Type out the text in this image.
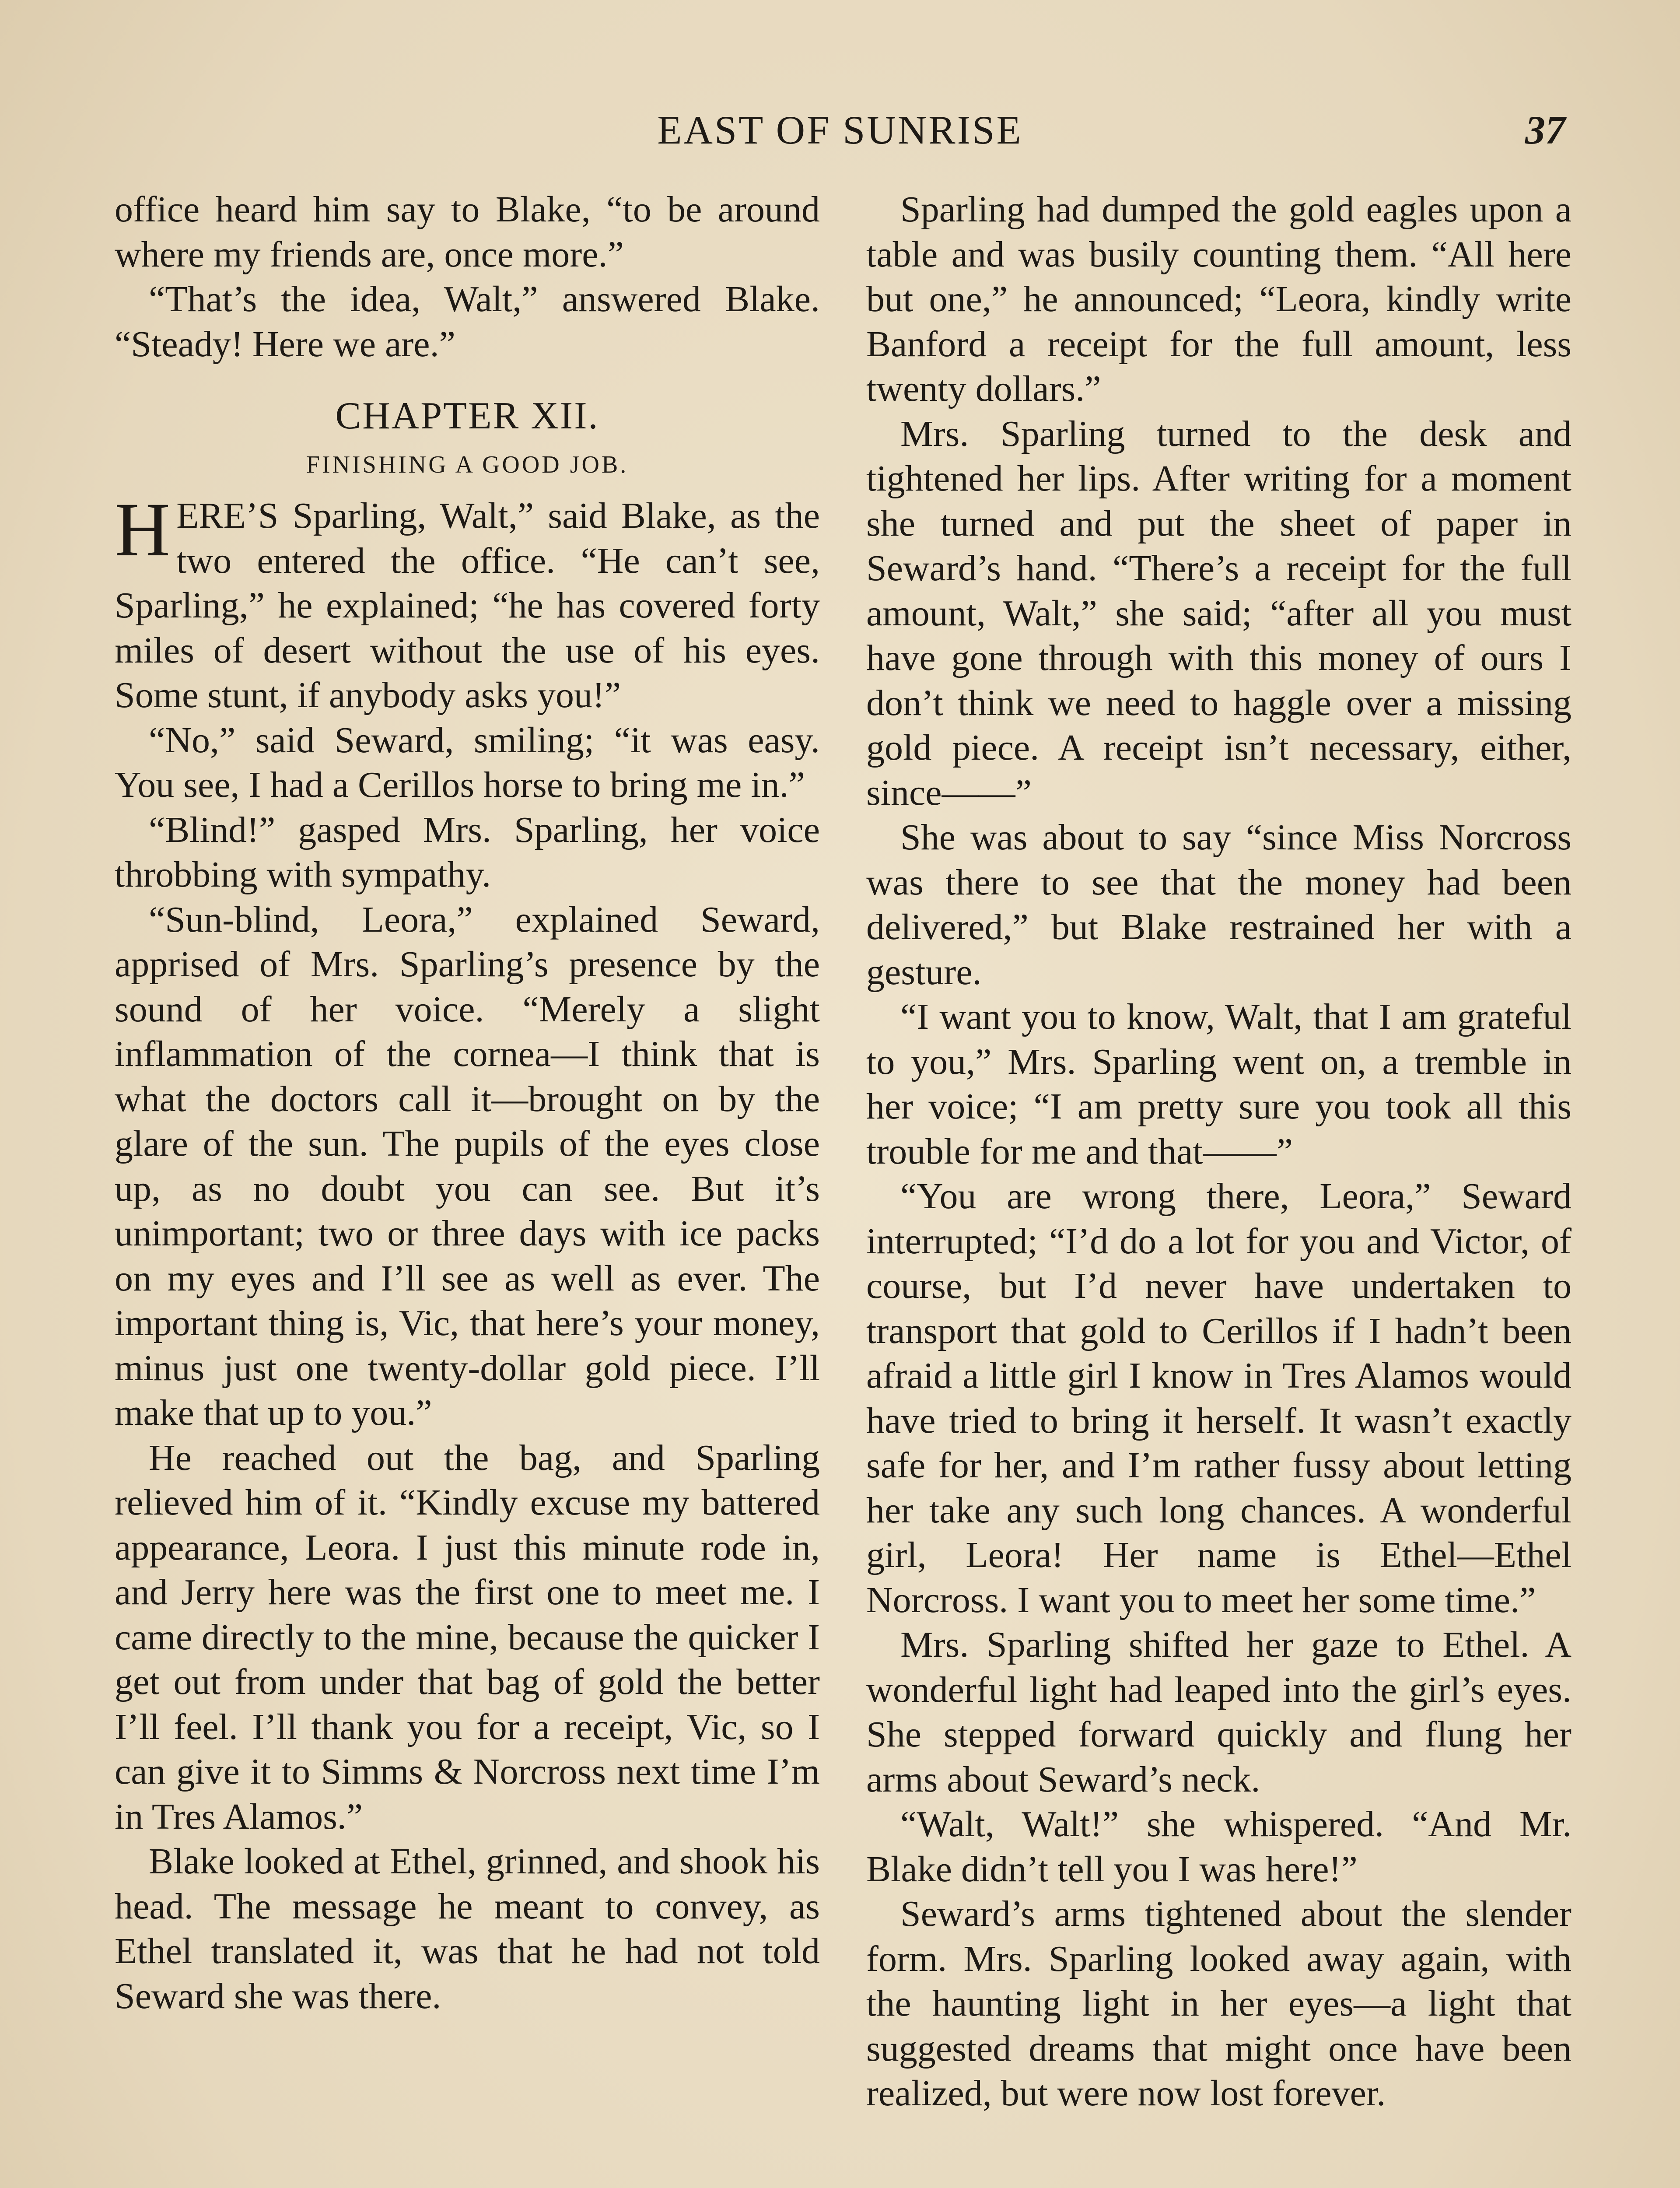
EAST OF SUNRISE	37

office heard him say to Blake, “to be around where my friends are, once more.”

“That’s the idea, Walt,” answered Blake. “Steady! Here we are.”

CHAPTER XII.
FINISHING A GOOD JOB.

HERE’S Sparling, Walt,” said Blake, as the two entered the office. “He can’t see, Sparling,” he explained; “he has covered forty miles of desert without the use of his eyes. Some stunt, if anybody asks you!”

“No,” said Seward, smiling; “it was easy. You see, I had a Cerillos horse to bring me in.”

“Blind!” gasped Mrs. Sparling, her voice throbbing with sympathy.

“Sun-blind, Leora,” explained Seward, apprised of Mrs. Sparling’s presence by the sound of her voice. “Merely a slight inflammation of the cornea—I think that is what the doctors call it—brought on by the glare of the sun. The pupils of the eyes close up, as no doubt you can see. But it’s unimportant; two or three days with ice packs on my eyes and I’ll see as well as ever. The important thing is, Vic, that here’s your money, minus just one twenty-dollar gold piece. I’ll make that up to you.”

He reached out the bag, and Sparling relieved him of it. “Kindly excuse my battered appearance, Leora. I just this minute rode in, and Jerry here was the first one to meet me. I came directly to the mine, because the quicker I get out from under that bag of gold the better I’ll feel. I’ll thank you for a receipt, Vic, so I can give it to Simms & Norcross next time I’m in Tres Alamos.”

Blake looked at Ethel, grinned, and shook his head. The message he meant to convey, as Ethel translated it, was that he had not told Seward she was there.

Sparling had dumped the gold eagles upon a table and was busily counting them. “All here but one,” he announced; “Leora, kindly write Banford a receipt for the full amount, less twenty dollars.”

Mrs. Sparling turned to the desk and tightened her lips. After writing for a moment she turned and put the sheet of paper in Seward’s hand. “There’s a receipt for the full amount, Walt,” she said; “after all you must have gone through with this money of ours I don’t think we need to haggle over a missing gold piece. A receipt isn’t necessary, either, since——”

She was about to say “since Miss Norcross was there to see that the money had been delivered,” but Blake restrained her with a gesture.

“I want you to know, Walt, that I am grateful to you,” Mrs. Sparling went on, a tremble in her voice; “I am pretty sure you took all this trouble for me and that——”

“You are wrong there, Leora,” Seward interrupted; “I’d do a lot for you and Victor, of course, but I’d never have undertaken to transport that gold to Cerillos if I hadn’t been afraid a little girl I know in Tres Alamos would have tried to bring it herself. It wasn’t exactly safe for her, and I’m rather fussy about letting her take any such long chances. A wonderful girl, Leora! Her name is Ethel—Ethel Norcross. I want you to meet her some time.”

Mrs. Sparling shifted her gaze to Ethel. A wonderful light had leaped into the girl’s eyes. She stepped forward quickly and flung her arms about Seward’s neck.

“Walt, Walt!” she whispered. “And Mr. Blake didn’t tell you I was here!”

Seward’s arms tightened about the slender form. Mrs. Sparling looked away again, with the haunting light in her eyes—a light that suggested dreams that might once have been realized, but were now lost forever.
